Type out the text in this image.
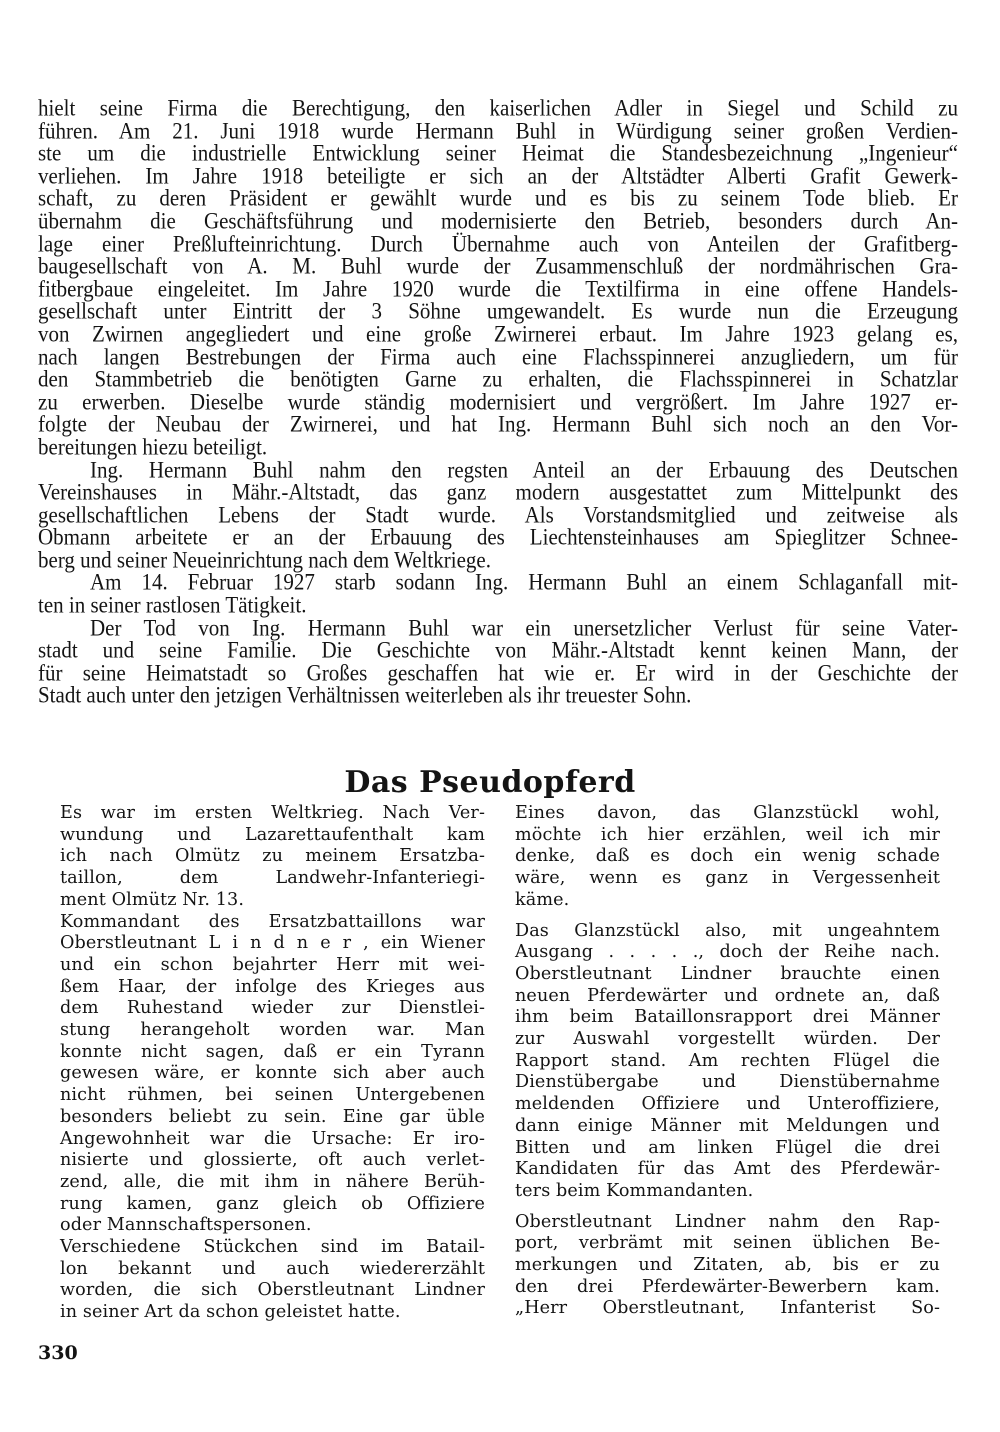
hielt seine Firma die Berechtigung, den kaiserlichen Adler in Siegel und Schild zu
führen. Am 21. Juni 1918 wurde Hermann Buhl in Würdigung seiner großen Verdien-
ste um die industrielle Entwicklung seiner Heimat die Standesbezeichnung „Ingenieur“
verliehen. Im Jahre 1918 beteiligte er sich an der Altstädter Alberti Grafit Gewerk-
schaft, zu deren Präsident er gewählt wurde und es bis zu seinem Tode blieb. Er
übernahm die Geschäftsführung und modernisierte den Betrieb, besonders durch An-
lage einer Preßlufteinrichtung. Durch Übernahme auch von Anteilen der Grafitberg-
baugesellschaft von A. M. Buhl wurde der Zusammenschluß der nordmährischen Gra-
fitbergbaue eingeleitet. Im Jahre 1920 wurde die Textilfirma in eine offene Handels-
gesellschaft unter Eintritt der 3 Söhne umgewandelt. Es wurde nun die Erzeugung
von Zwirnen angegliedert und eine große Zwirnerei erbaut. Im Jahre 1923 gelang es,
nach langen Bestrebungen der Firma auch eine Flachsspinnerei anzugliedern, um für
den Stammbetrieb die benötigten Garne zu erhalten, die Flachsspinnerei in Schatzlar
zu erwerben. Dieselbe wurde ständig modernisiert und vergrößert. Im Jahre 1927 er-
folgte der Neubau der Zwirnerei, und hat Ing. Hermann Buhl sich noch an den Vor-
bereitungen hiezu beteiligt.
Ing. Hermann Buhl nahm den regsten Anteil an der Erbauung des Deutschen
Vereinshauses in Mähr.-Altstadt, das ganz modern ausgestattet zum Mittelpunkt des
gesellschaftlichen Lebens der Stadt wurde. Als Vorstandsmitglied und zeitweise als
Obmann arbeitete er an der Erbauung des Liechtensteinhauses am Spieglitzer Schnee-
berg und seiner Neueinrichtung nach dem Weltkriege.
Am 14. Februar 1927 starb sodann Ing. Hermann Buhl an einem Schlaganfall mit-
ten in seiner rastlosen Tätigkeit.
Der Tod von Ing. Hermann Buhl war ein unersetzlicher Verlust für seine Vater-
stadt und seine Familie. Die Geschichte von Mähr.-Altstadt kennt keinen Mann, der
für seine Heimatstadt so Großes geschaffen hat wie er. Er wird in der Geschichte der
Stadt auch unter den jetzigen Verhältnissen weiterleben als ihr treuester Sohn.
Das Pseudopferd
Es war im ersten Weltkrieg. Nach Ver-
wundung und Lazarettaufenthalt kam
ich nach Olmütz zu meinem Ersatzba-
taillon, dem Landwehr-Infanteriegi-
ment Olmütz Nr. 13.
Kommandant des Ersatzbattaillons war
Oberstleutnant L i n d n e r , ein Wiener
und ein schon bejahrter Herr mit wei-
ßem Haar, der infolge des Krieges aus
dem Ruhestand wieder zur Dienstlei-
stung herangeholt worden war. Man
konnte nicht sagen, daß er ein Tyrann
gewesen wäre, er konnte sich aber auch
nicht rühmen, bei seinen Untergebenen
besonders beliebt zu sein. Eine gar üble
Angewohnheit war die Ursache: Er iro-
nisierte und glossierte, oft auch verlet-
zend, alle, die mit ihm in nähere Berüh-
rung kamen, ganz gleich ob Offiziere
oder Mannschaftspersonen.
Verschiedene Stückchen sind im Batail-
lon bekannt und auch wiedererzählt
worden, die sich Oberstleutnant Lindner
in seiner Art da schon geleistet hatte.
Eines davon, das Glanzstückl wohl,
möchte ich hier erzählen, weil ich mir
denke, daß es doch ein wenig schade
wäre, wenn es ganz in Vergessenheit
käme.
Das Glanzstückl also, mit ungeahntem
Ausgang . . . . ., doch der Reihe nach.
Oberstleutnant Lindner brauchte einen
neuen Pferdewärter und ordnete an, daß
ihm beim Bataillonsrapport drei Männer
zur Auswahl vorgestellt würden. Der
Rapport stand. Am rechten Flügel die
Dienstübergabe und Dienstübernahme
meldenden Offiziere und Unteroffiziere,
dann einige Männer mit Meldungen und
Bitten und am linken Flügel die drei
Kandidaten für das Amt des Pferdewär-
ters beim Kommandanten.
Oberstleutnant Lindner nahm den Rap-
port, verbrämt mit seinen üblichen Be-
merkungen und Zitaten, ab, bis er zu
den drei Pferdewärter-Bewerbern kam.
„Herr Oberstleutnant, Infanterist So-
330
